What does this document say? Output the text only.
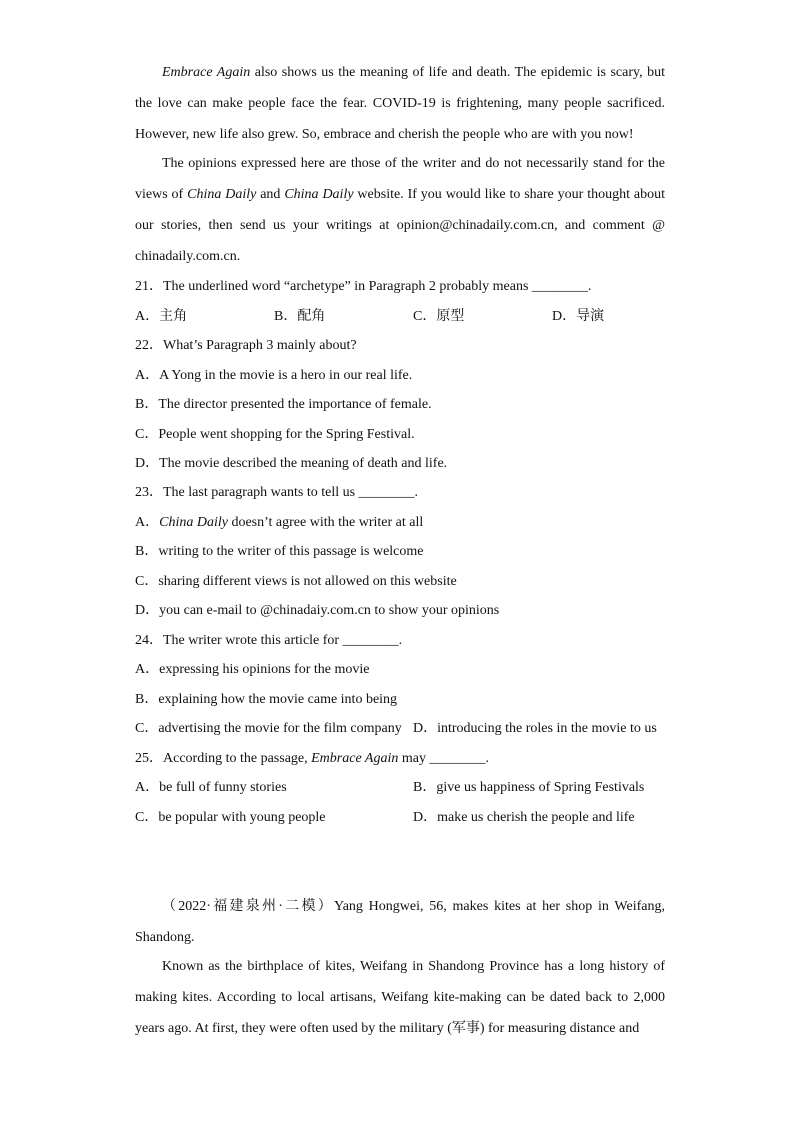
Embrace Again also shows us the meaning of life and death. The epidemic is scary, but the love can make people face the fear. COVID-19 is frightening, many people sacrificed. However, new life also grew. So, embrace and cherish the people who are with you now!

The opinions expressed here are those of the writer and do not necessarily stand for the views of China Daily and China Daily website. If you would like to share your thought about our stories, then send us your writings at opinion@chinadaily.com.cn, and comment @ chinadaily.com.cn.

21．The underlined word “archetype” in Paragraph 2 probably means ________.

A．主角	B．配角	C．原型	D．导演

22．What’s Paragraph 3 mainly about?

A．A Yong in the movie is a hero in our real life.

B．The director presented the importance of female.

C．People went shopping for the Spring Festival.

D．The movie described the meaning of death and life.

23．The last paragraph wants to tell us ________.

A．China Daily doesn’t agree with the writer at all

B．writing to the writer of this passage is welcome

C．sharing different views is not allowed on this website

D．you can e-mail to @chinadaiy.com.cn to show your opinions

24．The writer wrote this article for ________.

A．expressing his opinions for the movie

B．explaining how the movie came into being

C．advertising the movie for the film company D．introducing the roles in the movie to us

25．According to the passage, Embrace Again may ________.

A．be full of funny stories	B．give us happiness of Spring Festivals
C．be popular with young people	D．make us cherish the people and life

（2022·福建泉州·二模）Yang Hongwei, 56, makes kites at her shop in Weifang, Shandong.

Known as the birthplace of kites, Weifang in Shandong Province has a long history of making kites. According to local artisans, Weifang kite-making can be dated back to 2,000 years ago. At first, they were often used by the military (军事) for measuring distance and
